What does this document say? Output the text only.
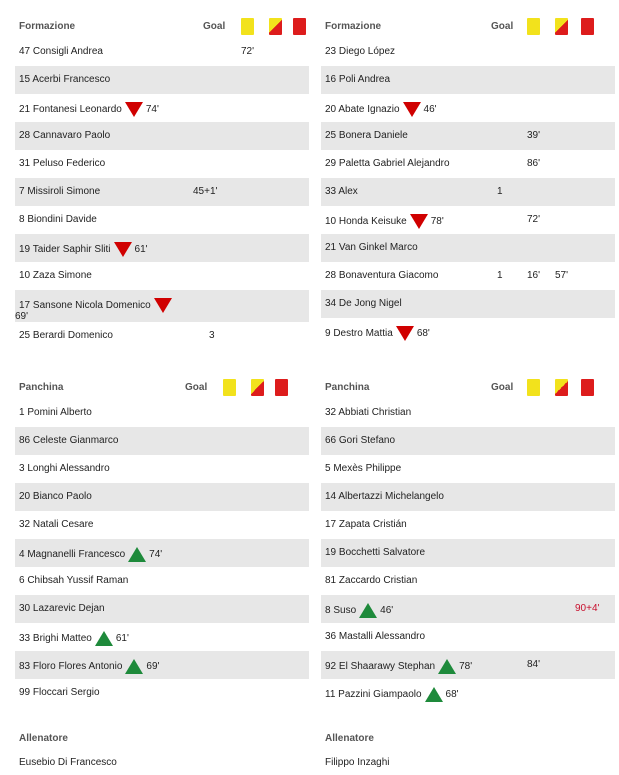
Formazione	Goal
47 Consigli Andrea	72'
15 Acerbi Francesco
21 Fontanesi Leonardo 74'
28 Cannavaro Paolo
31 Peluso Federico
7 Missiroli Simone	45+1'
8 Biondini Davide
19 Taider Saphir Sliti 61'
10 Zaza Simone
17 Sansone Nicola Domenico
69'
25 Berardi Domenico	3
Formazione	Goal
23 Diego López
16 Poli Andrea
20 Abate Ignazio 46'
25 Bonera Daniele	39'
29 Paletta Gabriel Alejandro	86'
33 Alex	1
10 Honda Keisuke 78'	72'
21 Van Ginkel Marco
28 Bonaventura Giacomo	1 16' 57'
34 De Jong Nigel
9 Destro Mattia 68'
Panchina	Goal
1 Pomini Alberto
86 Celeste Gianmarco
3 Longhi Alessandro
20 Bianco Paolo
32 Natali Cesare
4 Magnanelli Francesco 74'
6 Chibsah Yussif Raman
30 Lazarevic Dejan
33 Brighi Matteo 61'
83 Floro Flores Antonio 69'
99 Floccari Sergio
Panchina	Goal
32 Abbiati Christian
66 Gori Stefano
5 Mexès Philippe
14 Albertazzi Michelangelo
17 Zapata Cristián
19 Bocchetti Salvatore
81 Zaccardo Cristian
8 Suso 46'	90+4'
36 Mastalli Alessandro
92 El Shaarawy Stephan 78'	84'
11 Pazzini Giampaolo 68'
Allenatore
Eusebio Di Francesco
Allenatore
Filippo Inzaghi
